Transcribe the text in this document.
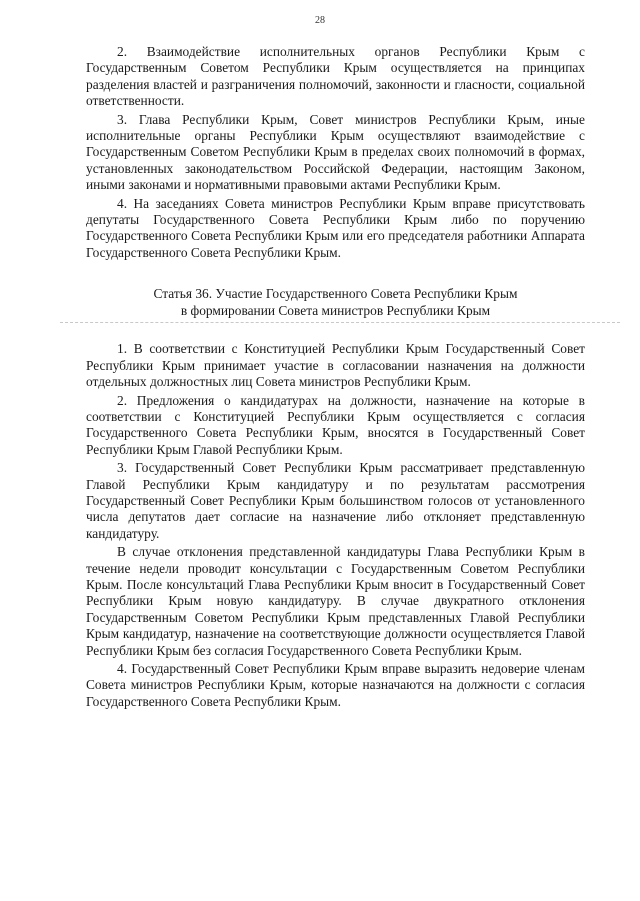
28

2. Взаимодействие исполнительных органов Республики Крым с Государственным Советом Республики Крым осуществляется на принципах разделения властей и разграничения полномочий, законности и гласности, социальной ответственности.

3. Глава Республики Крым, Совет министров Республики Крым, иные исполнительные органы Республики Крым осуществляют взаимодействие с Государственным Советом Республики Крым в пределах своих полномочий в формах, установленных законодательством Российской Федерации, настоящим Законом, иными законами и нормативными правовыми актами Республики Крым.

4. На заседаниях Совета министров Республики Крым вправе присутствовать депутаты Государственного Совета Республики Крым либо по поручению Государственного Совета Республики Крым или его председателя работники Аппарата Государственного Совета Республики Крым.

Статья 36. Участие Государственного Совета Республики Крым
в формировании Совета министров Республики Крым

1. В соответствии с Конституцией Республики Крым Государственный Совет Республики Крым принимает участие в согласовании назначения на должности отдельных должностных лиц Совета министров Республики Крым.

2. Предложения о кандидатурах на должности, назначение на которые в соответствии с Конституцией Республики Крым осуществляется с согласия Государственного Совета Республики Крым, вносятся в Государственный Совет Республики Крым Главой Республики Крым.

3. Государственный Совет Республики Крым рассматривает представленную Главой Республики Крым кандидатуру и по результатам рассмотрения Государственный Совет Республики Крым большинством голосов от установленного числа депутатов дает согласие на назначение либо отклоняет представленную кандидатуру.

В случае отклонения представленной кандидатуры Глава Республики Крым в течение недели проводит консультации с Государственным Советом Республики Крым. После консультаций Глава Республики Крым вносит в Государственный Совет Республики Крым новую кандидатуру. В случае двукратного отклонения Государственным Советом Республики Крым представленных Главой Республики Крым кандидатур, назначение на соответствующие должности осуществляется Главой Республики Крым без согласия Государственного Совета Республики Крым.

4. Государственный Совет Республики Крым вправе выразить недоверие членам Совета министров Республики Крым, которые назначаются на должности с согласия Государственного Совета Республики Крым.
